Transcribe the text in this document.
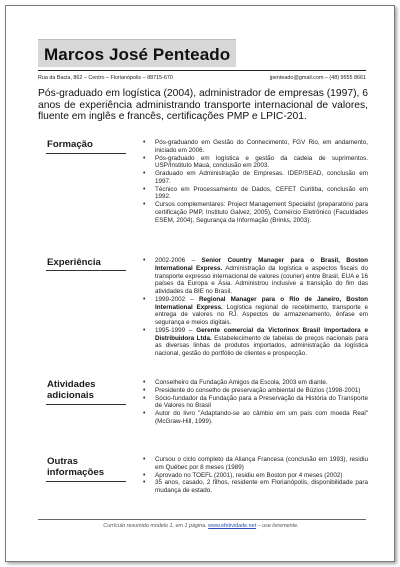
Marcos José Penteado
Rua da Bacia, 862 – Centro – Florianópolis – 88715-670	jpenteado@gmail.com – (48) 9555 8661

Pós-graduado em logística (2004), administrador de empresas (1997), 6 anos de experiência administrando transporte internacional de valores, fluente em inglês e francês, certificações PMP e LPIC-201.

Formação	• Pós-graduando em Gestão do Conhecimento, FGV Rio, em andamento, iniciado em 2006.
• Pós-graduado em logística e gestão da cadeia de suprimentos. USP/Instituto Mauá, conclusão em 2003.
• Graduado em Administração de Empresas. IDEP/SEAD, conclusão em 1997.
• Técnico em Processamento de Dados, CEFET Curitiba, conclusão em 1992.
• Cursos complementares: Project Management Specialist (preparatório para certificação PMP, Instituto Galvez, 2005), Comércio Eletrônico (Faculdades ESEM, 2004), Segurança da Informação (Brinks, 2003).
Experiência	• 2002-2006 – Senior Country Manager para o Brasil, Boston International Express. Administração da logística e aspectos fiscais do transporte expresso internacional de valores (courier) entre Brasil, EUA e 16 países da Europa e Ásia. Administrou inclusive a transição do fim das atividades da BIE no Brasil.
• 1999-2002 – Regional Manager para o Rio de Janeiro, Boston International Express. Logística regional de recebimento, transporte e entrega de valores no RJ. Aspectos de armazenamento, ênfase em segurança e meios digitais.
• 1995-1999 – Gerente comercial da Victorinox Brasil Importadora e Distribuidora Ltda. Estabelecimento de tabelas de preços nacionais para as diversas linhas de produtos importados, administração da logística nacional, gestão do portfólio de clientes e prospecção.
Atividades
adicionais
• Conselheiro da Fundação Amigos da Escola, 2003 em diante.
• Presidente do conselho de preservação ambiental de Búzios (1998-2001)
• Sócio-fundador da Fundação para a Preservação da História do Transporte de Valores no Brasil
• Autor do livro "Adaptando-se ao câmbio em um país com moeda Real" (McGraw-Hill, 1999).
Outras
informações
• Cursou o ciclo completo da Aliança Francesa (conclusão em 1993), residiu em Québec por 8 meses (1989)
• Aprovado no TOEFL (2001), residiu em Boston por 4 meses (2002)
• 35 anos, casado, 2 filhos, residente em Florianópolis, disponibilidade para mudança de estado.
Currículo resumido modelo 1, em 1 página. www.efetividade.net – use livremente.
